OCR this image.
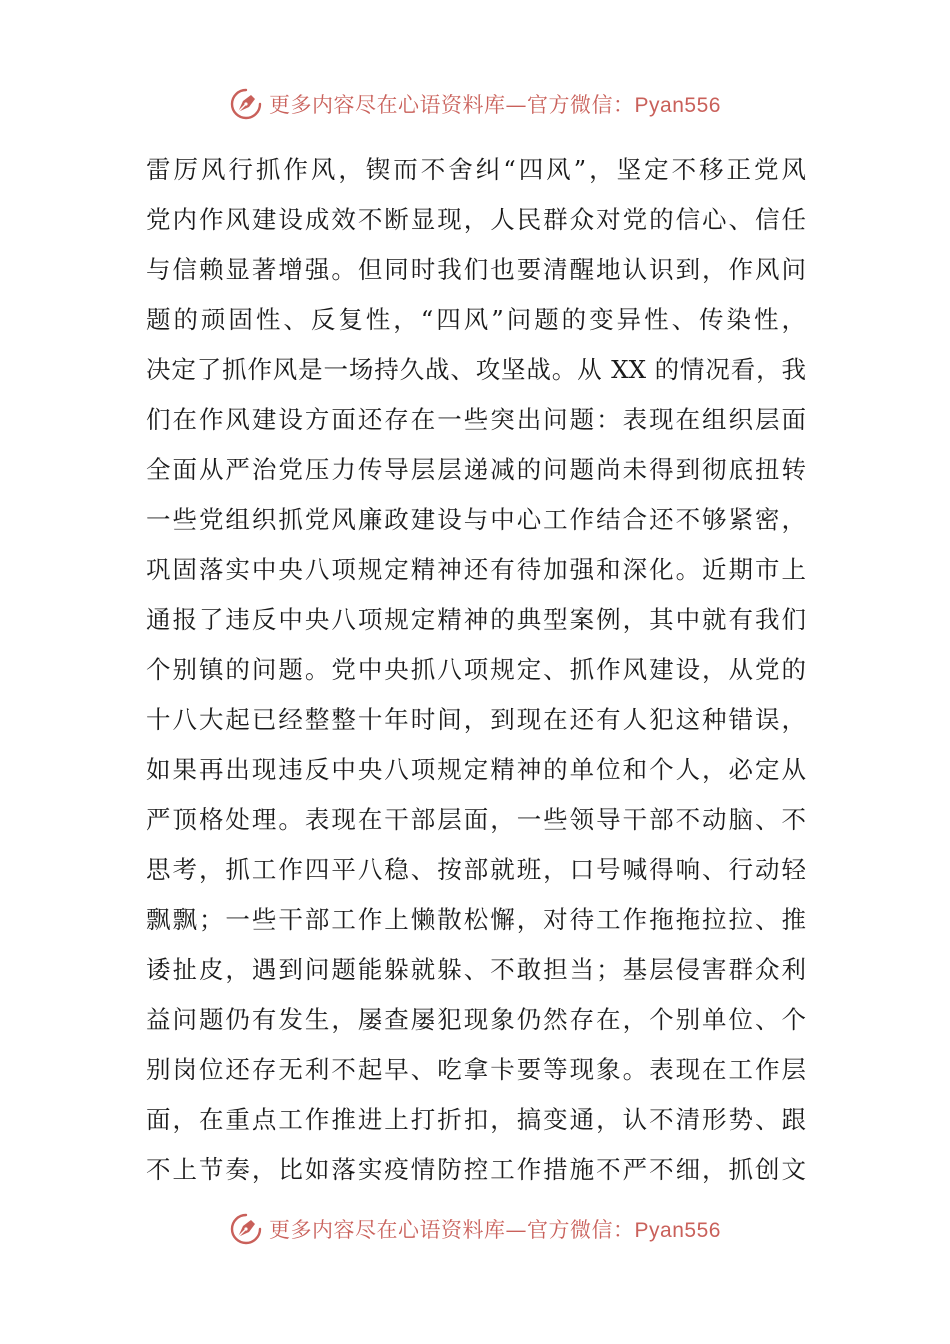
更多内容尽在心语资料库—官方微信：Pyan556
雷厉风行抓作风，锲而不舍纠“四风”，坚定不移正党风
党内作风建设成效不断显现，人民群众对党的信心、信任
与信赖显著增强。但同时我们也要清醒地认识到，作风问
题的顽固性、反复性，“四风”问题的变异性、传染性，
决定了抓作风是一场持久战、攻坚战。从 XX 的情况看，我
们在作风建设方面还存在一些突出问题：表现在组织层面
全面从严治党压力传导层层递减的问题尚未得到彻底扭转
一些党组织抓党风廉政建设与中心工作结合还不够紧密，
巩固落实中央八项规定精神还有待加强和深化。近期市上
通报了违反中央八项规定精神的典型案例，其中就有我们
个别镇的问题。党中央抓八项规定、抓作风建设，从党的
十八大起已经整整十年时间，到现在还有人犯这种错误，
如果再出现违反中央八项规定精神的单位和个人，必定从
严顶格处理。表现在干部层面，一些领导干部不动脑、不
思考，抓工作四平八稳、按部就班，口号喊得响、行动轻
飘飘；一些干部工作上懒散松懈，对待工作拖拖拉拉、推
诿扯皮，遇到问题能躲就躲、不敢担当；基层侵害群众利
益问题仍有发生，屡查屡犯现象仍然存在，个别单位、个
别岗位还存无利不起早、吃拿卡要等现象。表现在工作层
面，在重点工作推进上打折扣，搞变通，认不清形势、跟
不上节奏，比如落实疫情防控工作措施不严不细，抓创文
更多内容尽在心语资料库—官方微信：Pyan556
